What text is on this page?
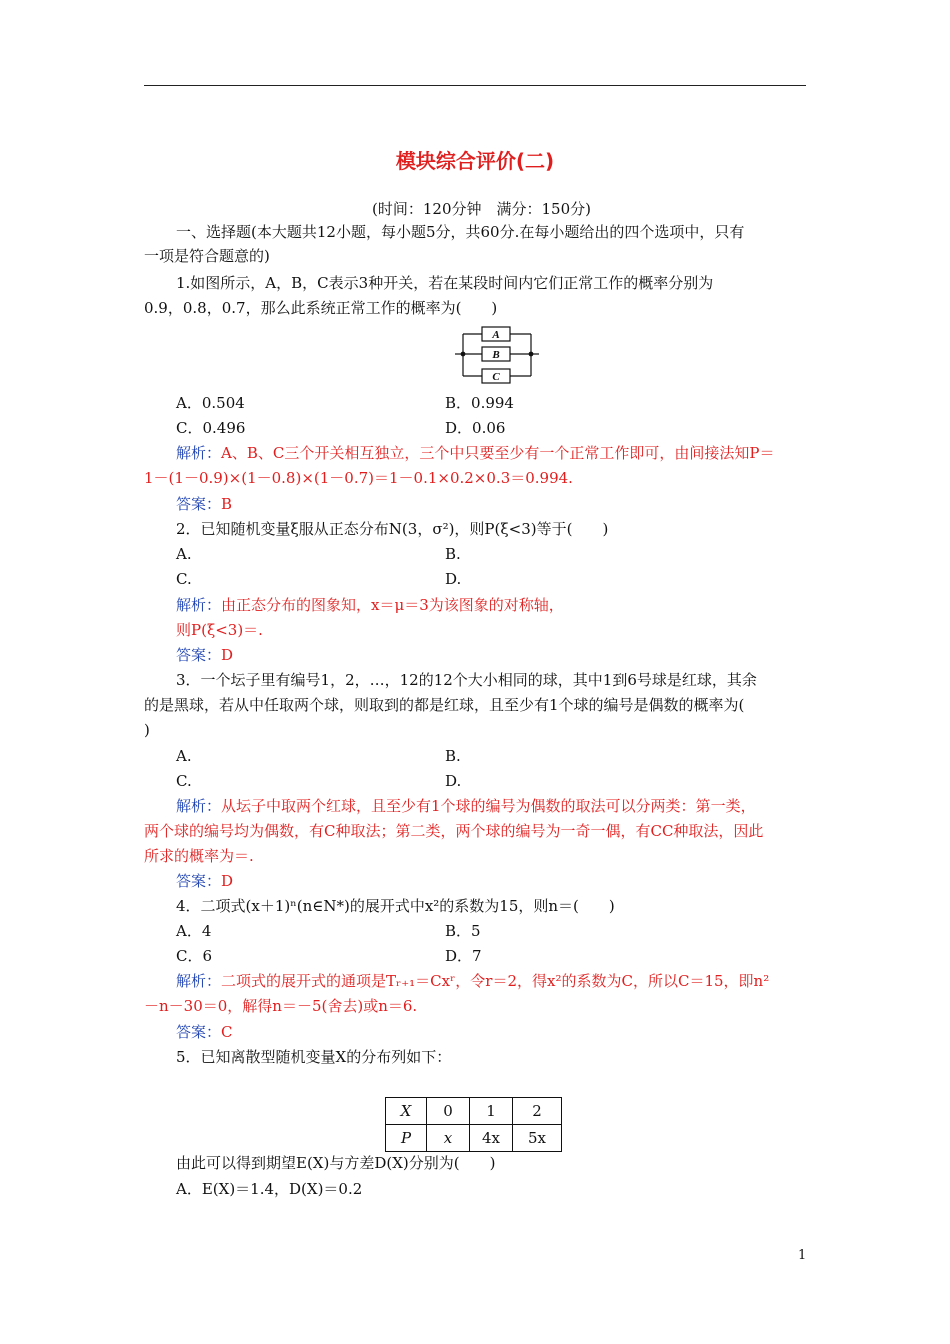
模块综合评价(二)
(时间：120分钟　满分：150分)
一、选择题(本大题共12小题，每小题5分，共60分.在每小题给出的四个选项中，只有
一项是符合题意的)
1.如图所示，A，B，C表示3种开关，若在某段时间内它们正常工作的概率分别为
0.9，0.8，0.7，那么此系统正常工作的概率为(　　)
A
B
C
A．0.504	B．0.994
C．0.496	D．0.06
解析：A、B、C三个开关相互独立，三个中只要至少有一个正常工作即可，由间接法知P＝
1－(1－0.9)×(1－0.8)×(1－0.7)＝1－0.1×0.2×0.3＝0.994.
答案：B
2．已知随机变量ξ服从正态分布N(3，σ²)，则P(ξ<3)等于(　　)
A.	B.
C.	D.
解析：由正态分布的图象知，x＝μ＝3为该图象的对称轴，
则P(ξ<3)＝.
答案：D
3．一个坛子里有编号1，2，…，12的12个大小相同的球，其中1到6号球是红球，其余
的是黑球，若从中任取两个球，则取到的都是红球，且至少有1个球的编号是偶数的概率为(
)
A.	B.
C.	D.
解析：从坛子中取两个红球，且至少有1个球的编号为偶数的取法可以分两类：第一类，
两个球的编号均为偶数，有C种取法；第二类，两个球的编号为一奇一偶，有CC种取法，因此
所求的概率为＝.
答案：D
4．二项式(x＋1)ⁿ(n∈N*)的展开式中x²的系数为15，则n＝(　　)
A．4	B．5
C．6	D．7
解析：二项式的展开式的通项是Tᵣ₊₁＝Cxʳ，令r＝2，得x²的系数为C，所以C＝15，即n²
－n－30＝0，解得n＝－5(舍去)或n＝6.
答案：C
5．已知离散型随机变量X的分布列如下：
X	0	1	2
P	x	4x	5x
由此可以得到期望E(X)与方差D(X)分别为(　　)
A．E(X)＝1.4，D(X)＝0.2
1
